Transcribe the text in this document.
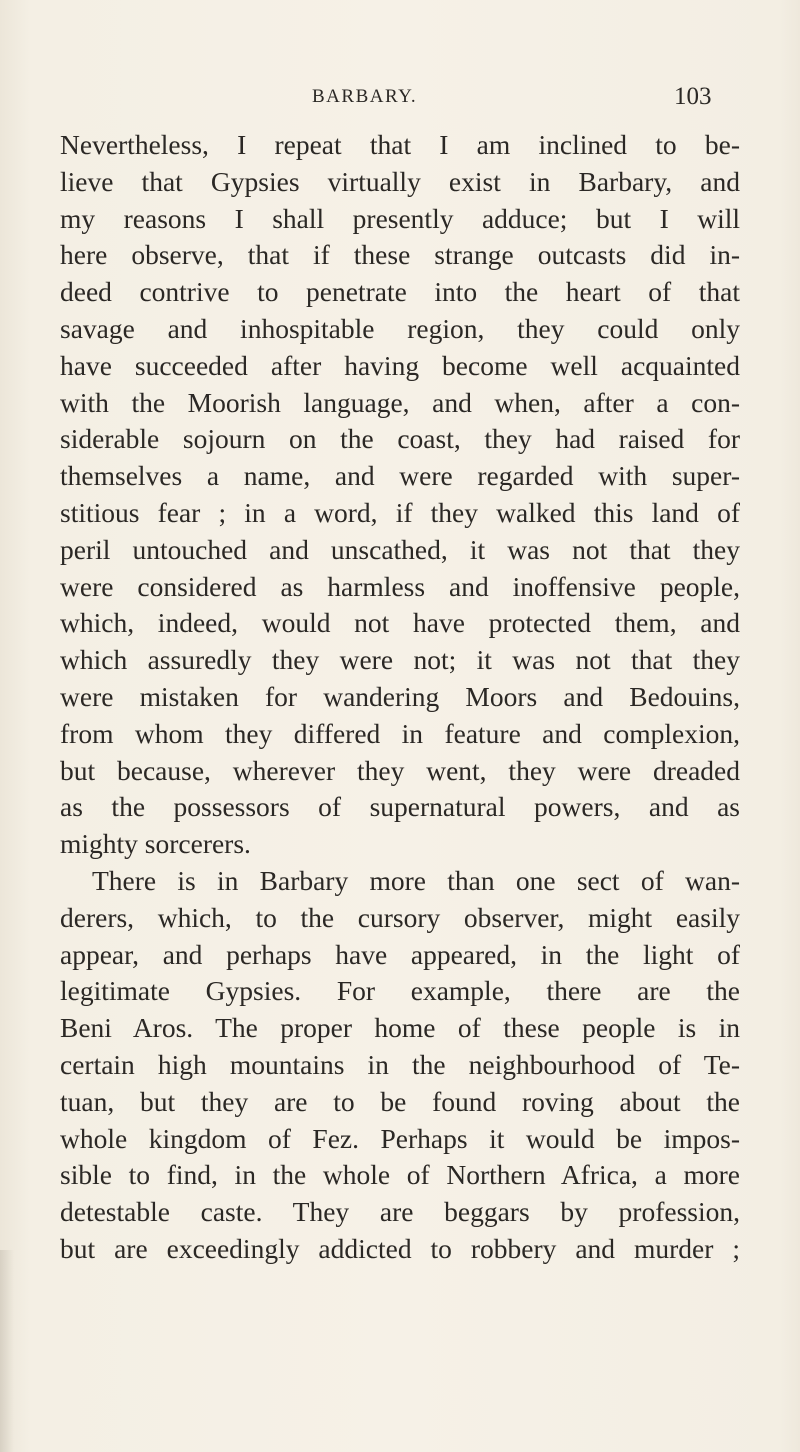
BARBARY.	103
Nevertheless, I repeat that I am inclined to be-
lieve that Gypsies virtually exist in Barbary, and
my reasons I shall presently adduce; but I will
here observe, that if these strange outcasts did in-
deed contrive to penetrate into the heart of that
savage and inhospitable region, they could only
have succeeded after having become well acquainted
with the Moorish language, and when, after a con-
siderable sojourn on the coast, they had raised for
themselves a name, and were regarded with super-
stitious fear ; in a word, if they walked this land of
peril untouched and unscathed, it was not that they
were considered as harmless and inoffensive people,
which, indeed, would not have protected them, and
which assuredly they were not; it was not that they
were mistaken for wandering Moors and Bedouins,
from whom they differed in feature and complexion,
but because, wherever they went, they were dreaded
as the possessors of supernatural powers, and as
mighty sorcerers.
There is in Barbary more than one sect of wan-
derers, which, to the cursory observer, might easily
appear, and perhaps have appeared, in the light of
legitimate Gypsies. For example, there are the
Beni Aros. The proper home of these people is in
certain high mountains in the neighbourhood of Te-
tuan, but they are to be found roving about the
whole kingdom of Fez. Perhaps it would be impos-
sible to find, in the whole of Northern Africa, a more
detestable caste. They are beggars by profession,
but are exceedingly addicted to robbery and murder ;
